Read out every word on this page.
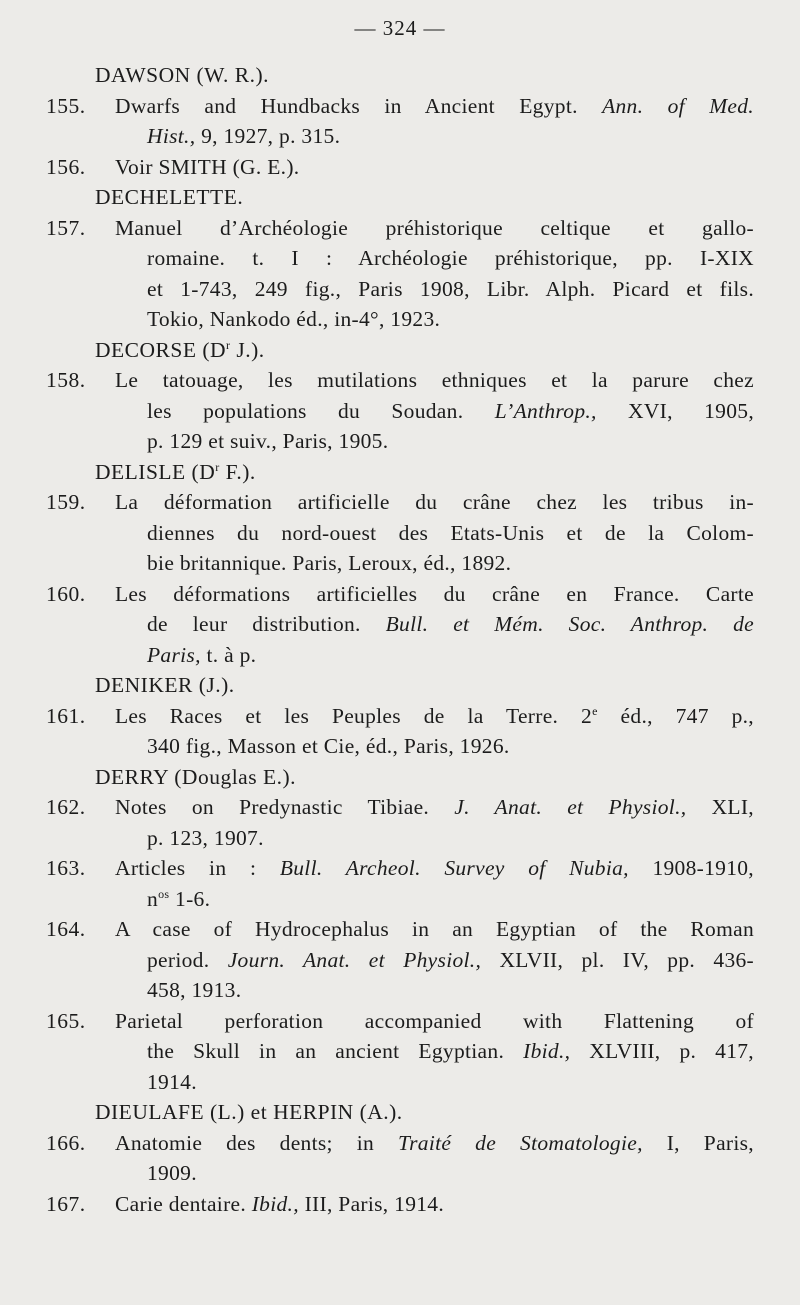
— 324 —
DAWSON (W. R.).
155. Dwarfs and Hundbacks in Ancient Egypt. Ann. of Med.
Hist., 9, 1927, p. 315.
156. Voir SMITH (G. E.).
DECHELETTE.
157. Manuel d’Archéologie préhistorique celtique et gallo-
romaine. t. I : Archéologie préhistorique, pp. I-XIX
et 1-743, 249 fig., Paris 1908, Libr. Alph. Picard et fils.
Tokio, Nankodo éd., in-4°, 1923.
DECORSE ($D^r$ J.).
158. Le tatouage, les mutilations ethniques et la parure chez
les populations du Soudan. L’Anthrop., XVI, 1905,
p. 129 et suiv., Paris, 1905.
DELISLE ($D^r$ F.).
159. La déformation artificielle du crâne chez les tribus in-
diennes du nord-ouest des Etats-Unis et de la Colom-
bie britannique. Paris, Leroux, éd., 1892.
160. Les déformations artificielles du crâne en France. Carte
de leur distribution. Bull. et Mém. Soc. Anthrop. de
Paris, t. à p.
DENIKER (J.).
161. Les Races et les Peuples de la Terre. 2e éd., 747 p.,
340 fig., Masson et Cie, éd., Paris, 1926.
DERRY (Douglas E.).
162. Notes on Predynastic Tibiae. J. Anat. et Physiol., XLI,
p. 123, 1907.
163. Articles in : Bull. Archeol. Survey of Nubia, 1908-1910,
$n^{os}$ 1-6.
164. A case of Hydrocephalus in an Egyptian of the Roman
period. Journ. Anat. et Physiol., XLVII, pl. IV, pp. 436-
458, 1913.
165. Parietal perforation accompanied with Flattening of
the Skull in an ancient Egyptian. Ibid., XLVIII, p. 417,
1914.
DIEULAFE (L.) et HERPIN (A.).
166. Anatomie des dents; in Traité de Stomatologie, I, Paris,
1909.
167. Carie dentaire. Ibid., III, Paris, 1914.
